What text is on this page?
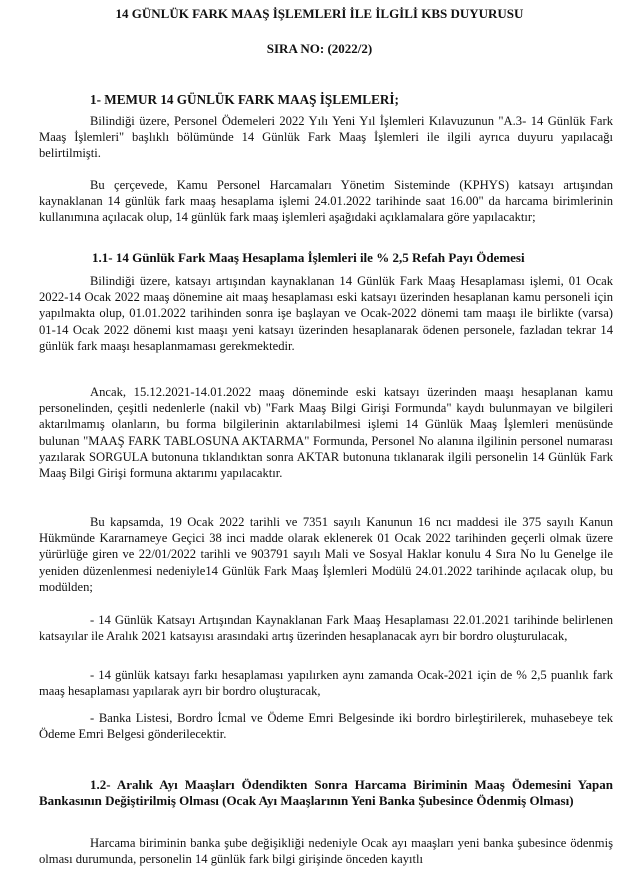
14 GÜNLÜK FARK MAAŞ İŞLEMLERİ İLE İLGİLİ KBS DUYURUSU

SIRA NO: (2022/2)

1- MEMUR 14 GÜNLÜK FARK MAAŞ İŞLEMLERİ;

Bilindiği üzere, Personel Ödemeleri 2022 Yılı Yeni Yıl İşlemleri Kılavuzunun "A.3- 14 Günlük Fark Maaş İşlemleri" başlıklı bölümünde 14 Günlük Fark Maaş İşlemleri ile ilgili ayrıca duyuru yapılacağı belirtilmişti.

Bu çerçevede, Kamu Personel Harcamaları Yönetim Sisteminde (KPHYS) katsayı artışından kaynaklanan 14 günlük fark maaş hesaplama işlemi 24.01.2022 tarihinde saat 16.00" da harcama birimlerinin kullanımına açılacak olup, 14 günlük fark maaş işlemleri aşağıdaki açıklamalara göre yapılacaktır;

1.1- 14 Günlük Fark Maaş Hesaplama İşlemleri ile % 2,5 Refah Payı Ödemesi

Bilindiği üzere, katsayı artışından kaynaklanan 14 Günlük Fark Maaş Hesaplaması işlemi, 01 Ocak 2022-14 Ocak 2022 maaş dönemine ait maaş hesaplaması eski katsayı üzerinden hesaplanan kamu personeli için yapılmakta olup, 01.01.2022 tarihinden sonra işe başlayan ve Ocak-2022 dönemi tam maaşı ile birlikte (varsa) 01-14 Ocak 2022 dönemi kıst maaşı yeni katsayı üzerinden hesaplanarak ödenen personele, fazladan tekrar 14 günlük fark maaşı hesaplanmaması gerekmektedir.

Ancak, 15.12.2021-14.01.2022 maaş döneminde eski katsayı üzerinden maaşı hesaplanan kamu personelinden, çeşitli nedenlerle (nakil vb) "Fark Maaş Bilgi Girişi Formunda" kaydı bulunmayan ve bilgileri aktarılmamış olanların, bu forma bilgilerinin aktarılabilmesi işlemi 14 Günlük Maaş İşlemleri menüsünde bulunan "MAAŞ FARK TABLOSUNA AKTARMA" Formunda, Personel No alanına ilgilinin personel numarası yazılarak SORGULA butonuna tıklandıktan sonra AKTAR butonuna tıklanarak ilgili personelin 14 Günlük Fark Maaş Bilgi Girişi formuna aktarımı yapılacaktır.

Bu kapsamda, 19 Ocak 2022 tarihli ve 7351 sayılı Kanunun 16 ncı maddesi ile 375 sayılı Kanun Hükmünde Kararnameye Geçici 38 inci madde olarak eklenerek 01 Ocak 2022 tarihinden geçerli olmak üzere yürürlüğe giren ve 22/01/2022 tarihli ve 903791 sayılı Mali ve Sosyal Haklar konulu 4 Sıra No lu Genelge ile yeniden düzenlenmesi nedeniyle14 Günlük Fark Maaş İşlemleri Modülü 24.01.2022 tarihinde açılacak olup, bu modülden;

- 14 Günlük Katsayı Artışından Kaynaklanan Fark Maaş Hesaplaması 22.01.2021 tarihinde belirlenen katsayılar ile Aralık 2021 katsayısı arasındaki artış üzerinden hesaplanacak ayrı bir bordro oluşturulacak,

- 14 günlük katsayı farkı hesaplaması yapılırken aynı zamanda Ocak-2021 için de % 2,5 puanlık fark maaş hesaplaması yapılarak ayrı bir bordro oluşturacak,

- Banka Listesi, Bordro İcmal ve Ödeme Emri Belgesinde iki bordro birleştirilerek, muhasebeye tek Ödeme Emri Belgesi gönderilecektir.

1.2- Aralık Ayı Maaşları Ödendikten Sonra Harcama Biriminin Maaş Ödemesini Yapan Bankasının Değiştirilmiş Olması (Ocak Ayı Maaşlarının Yeni Banka Şubesince Ödenmiş Olması)

Harcama biriminin banka şube değişikliği nedeniyle Ocak ayı maaşları yeni banka şubesince ödenmiş olması durumunda, personelin 14 günlük fark bilgi girişinde önceden kayıtlı
